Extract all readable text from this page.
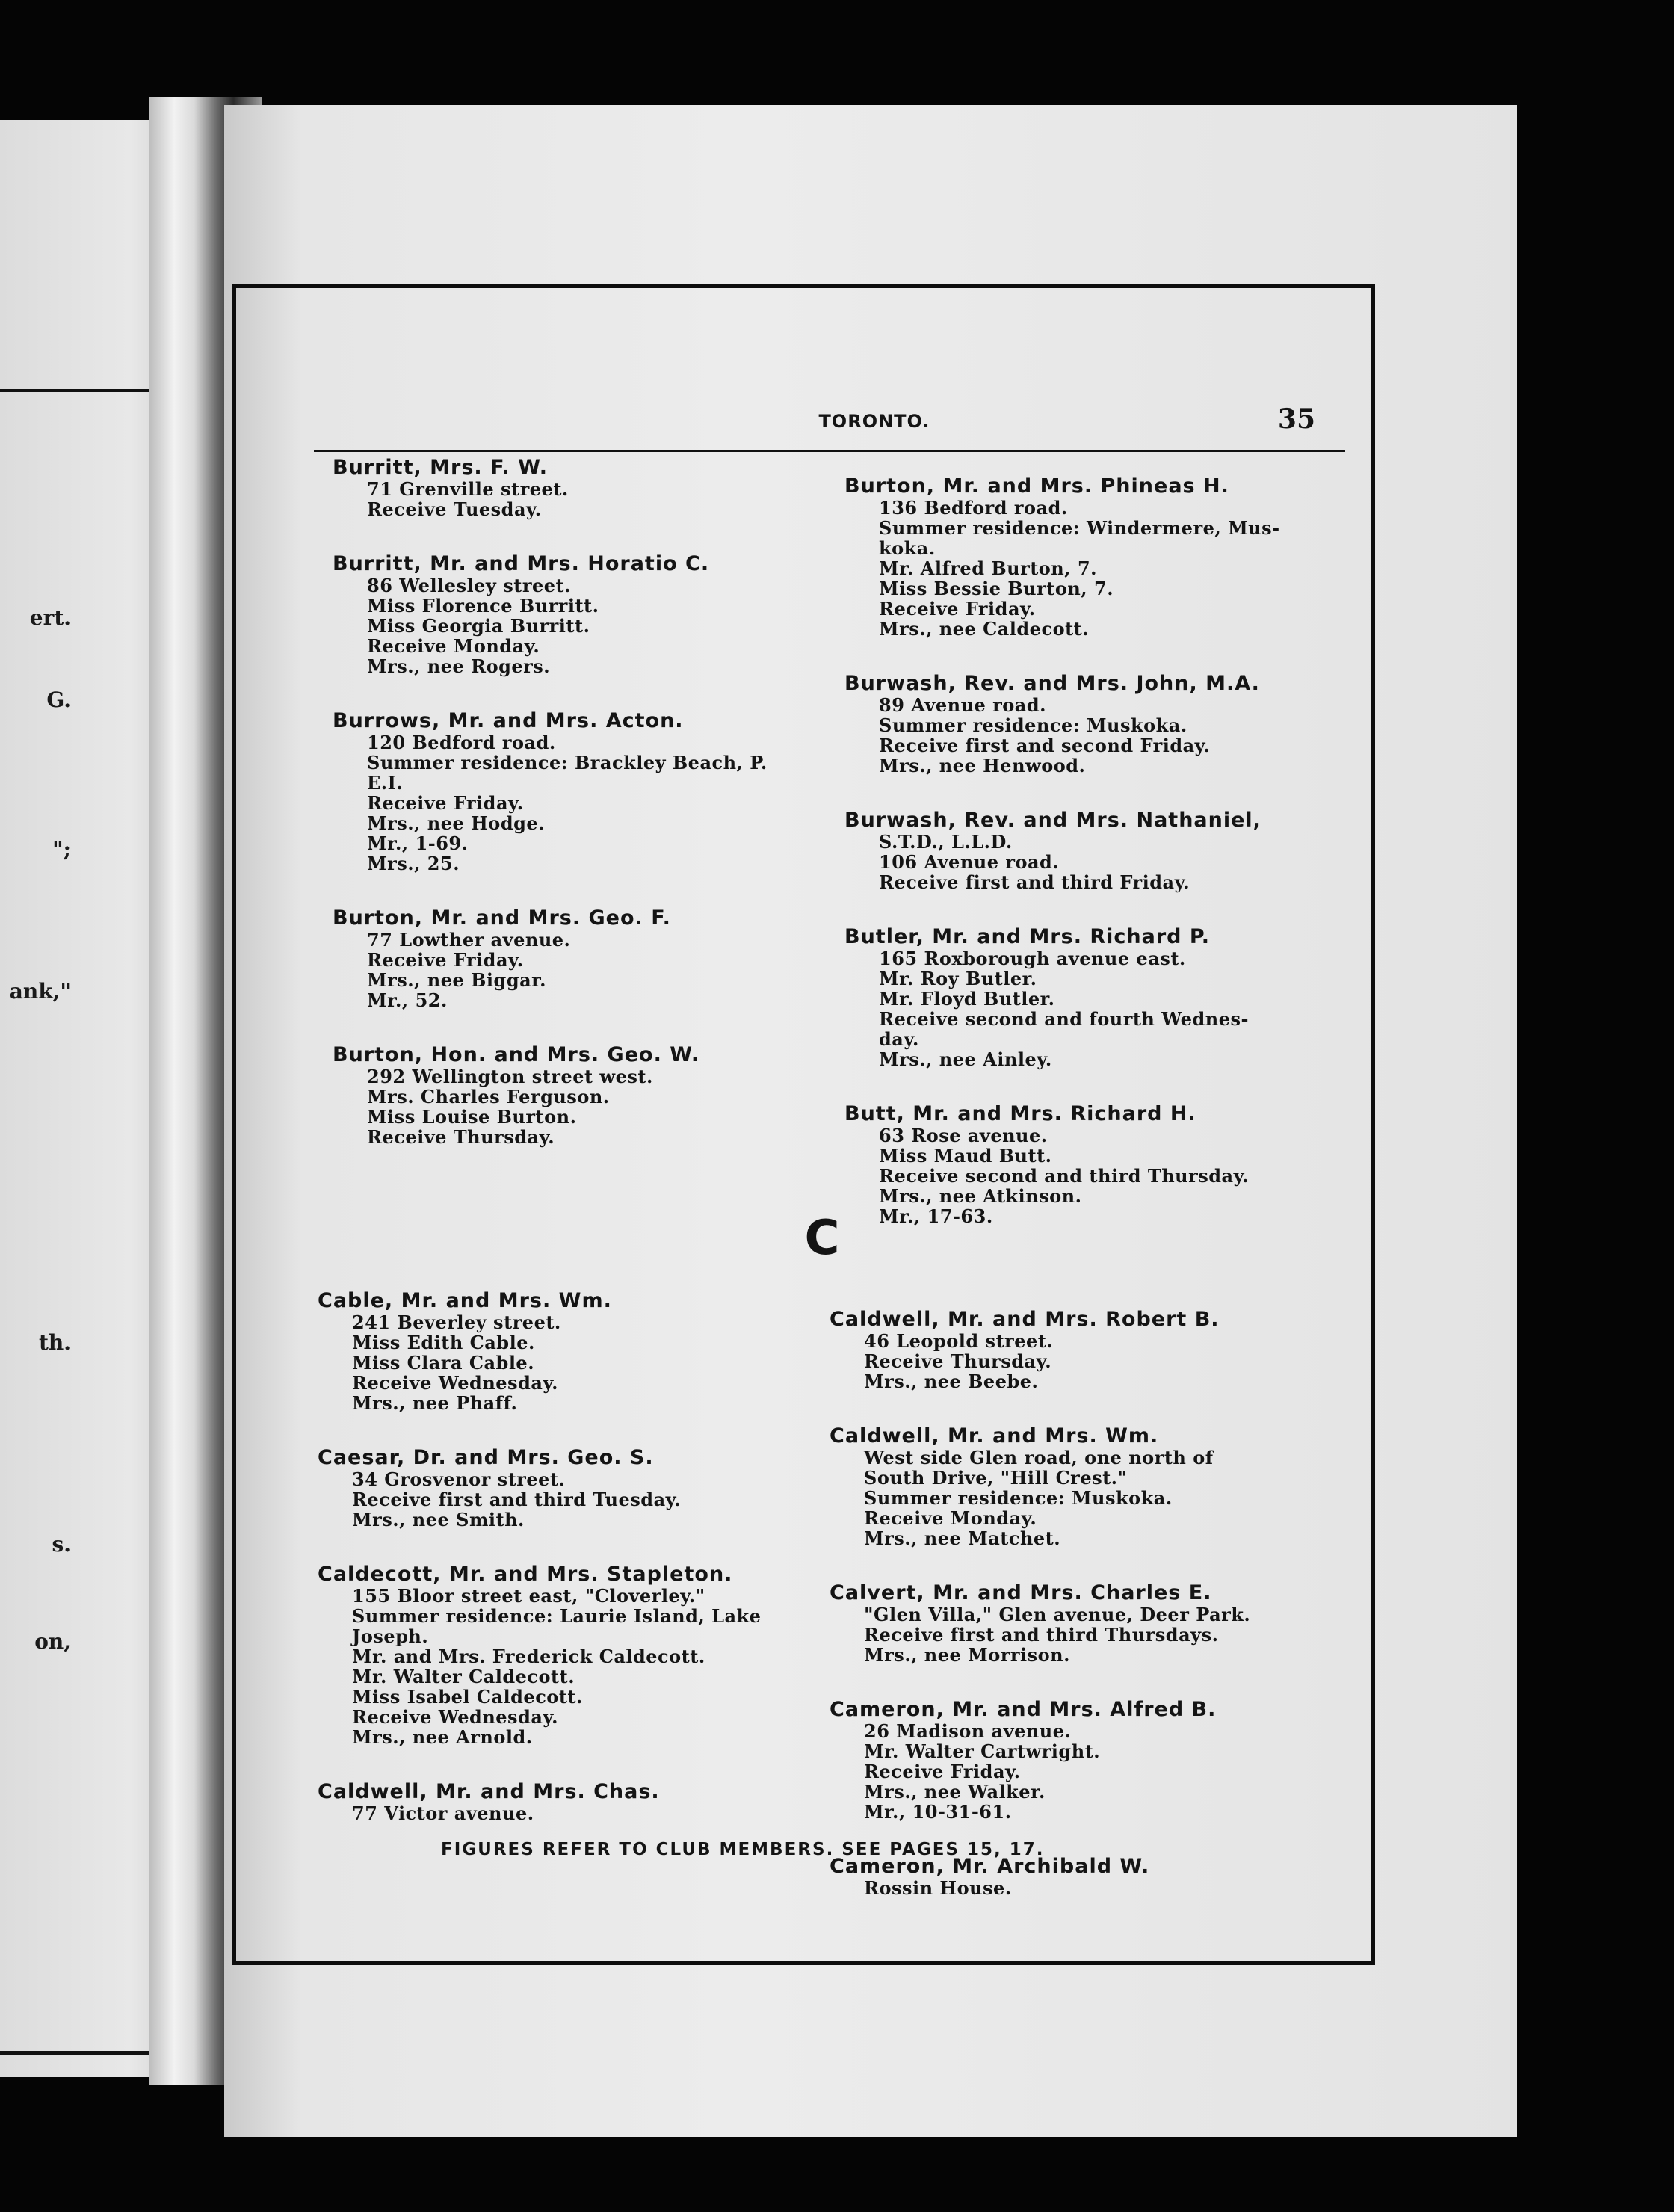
ert.
G.
";
ank,"
th.
s.
on,
TORONTO.	35
Burritt, Mrs. F. W.
71 Grenville street.
Receive Tuesday.
Burritt, Mr. and Mrs. Horatio C.
86 Wellesley street.
Miss Florence Burritt.
Miss Georgia Burritt.
Receive Monday.
Mrs., nee Rogers.
Burrows, Mr. and Mrs. Acton.
120 Bedford road.
Summer residence: Brackley Beach, P.
E.I.
Receive Friday.
Mrs., nee Hodge.
Mr., 1-69.
Mrs., 25.
Burton, Mr. and Mrs. Geo. F.
77 Lowther avenue.
Receive Friday.
Mrs., nee Biggar.
Mr., 52.
Burton, Hon. and Mrs. Geo. W.
292 Wellington street west.
Mrs. Charles Ferguson.
Miss Louise Burton.
Receive Thursday.
Burton, Mr. and Mrs. Phineas H.
136 Bedford road.
Summer residence: Windermere, Mus-
koka.
Mr. Alfred Burton, 7.
Miss Bessie Burton, 7.
Receive Friday.
Mrs., nee Caldecott.
Burwash, Rev. and Mrs. John, M.A.
89 Avenue road.
Summer residence: Muskoka.
Receive first and second Friday.
Mrs., nee Henwood.
Burwash, Rev. and Mrs. Nathaniel,
S.T.D., L.L.D.
106 Avenue road.
Receive first and third Friday.
Butler, Mr. and Mrs. Richard P.
165 Roxborough avenue east.
Mr. Roy Butler.
Mr. Floyd Butler.
Receive second and fourth Wednes-
day.
Mrs., nee Ainley.
Butt, Mr. and Mrs. Richard H.
63 Rose avenue.
Miss Maud Butt.
Receive second and third Thursday.
Mrs., nee Atkinson.
Mr., 17-63.
C
Cable, Mr. and Mrs. Wm.
241 Beverley street.
Miss Edith Cable.
Miss Clara Cable.
Receive Wednesday.
Mrs., nee Phaff.
Caesar, Dr. and Mrs. Geo. S.
34 Grosvenor street.
Receive first and third Tuesday.
Mrs., nee Smith.
Caldecott, Mr. and Mrs. Stapleton.
155 Bloor street east, "Cloverley."
Summer residence: Laurie Island, Lake
Joseph.
Mr. and Mrs. Frederick Caldecott.
Mr. Walter Caldecott.
Miss Isabel Caldecott.
Receive Wednesday.
Mrs., nee Arnold.
Caldwell, Mr. and Mrs. Chas.
77 Victor avenue.
Caldwell, Mr. and Mrs. Robert B.
46 Leopold street.
Receive Thursday.
Mrs., nee Beebe.
Caldwell, Mr. and Mrs. Wm.
West side Glen road, one north of
South Drive, "Hill Crest."
Summer residence: Muskoka.
Receive Monday.
Mrs., nee Matchet.
Calvert, Mr. and Mrs. Charles E.
"Glen Villa," Glen avenue, Deer Park.
Receive first and third Thursdays.
Mrs., nee Morrison.
Cameron, Mr. and Mrs. Alfred B.
26 Madison avenue.
Mr. Walter Cartwright.
Receive Friday.
Mrs., nee Walker.
Mr., 10-31-61.
Cameron, Mr. Archibald W.
Rossin House.
FIGURES REFER TO CLUB MEMBERS. SEE PAGES 15, 17.
